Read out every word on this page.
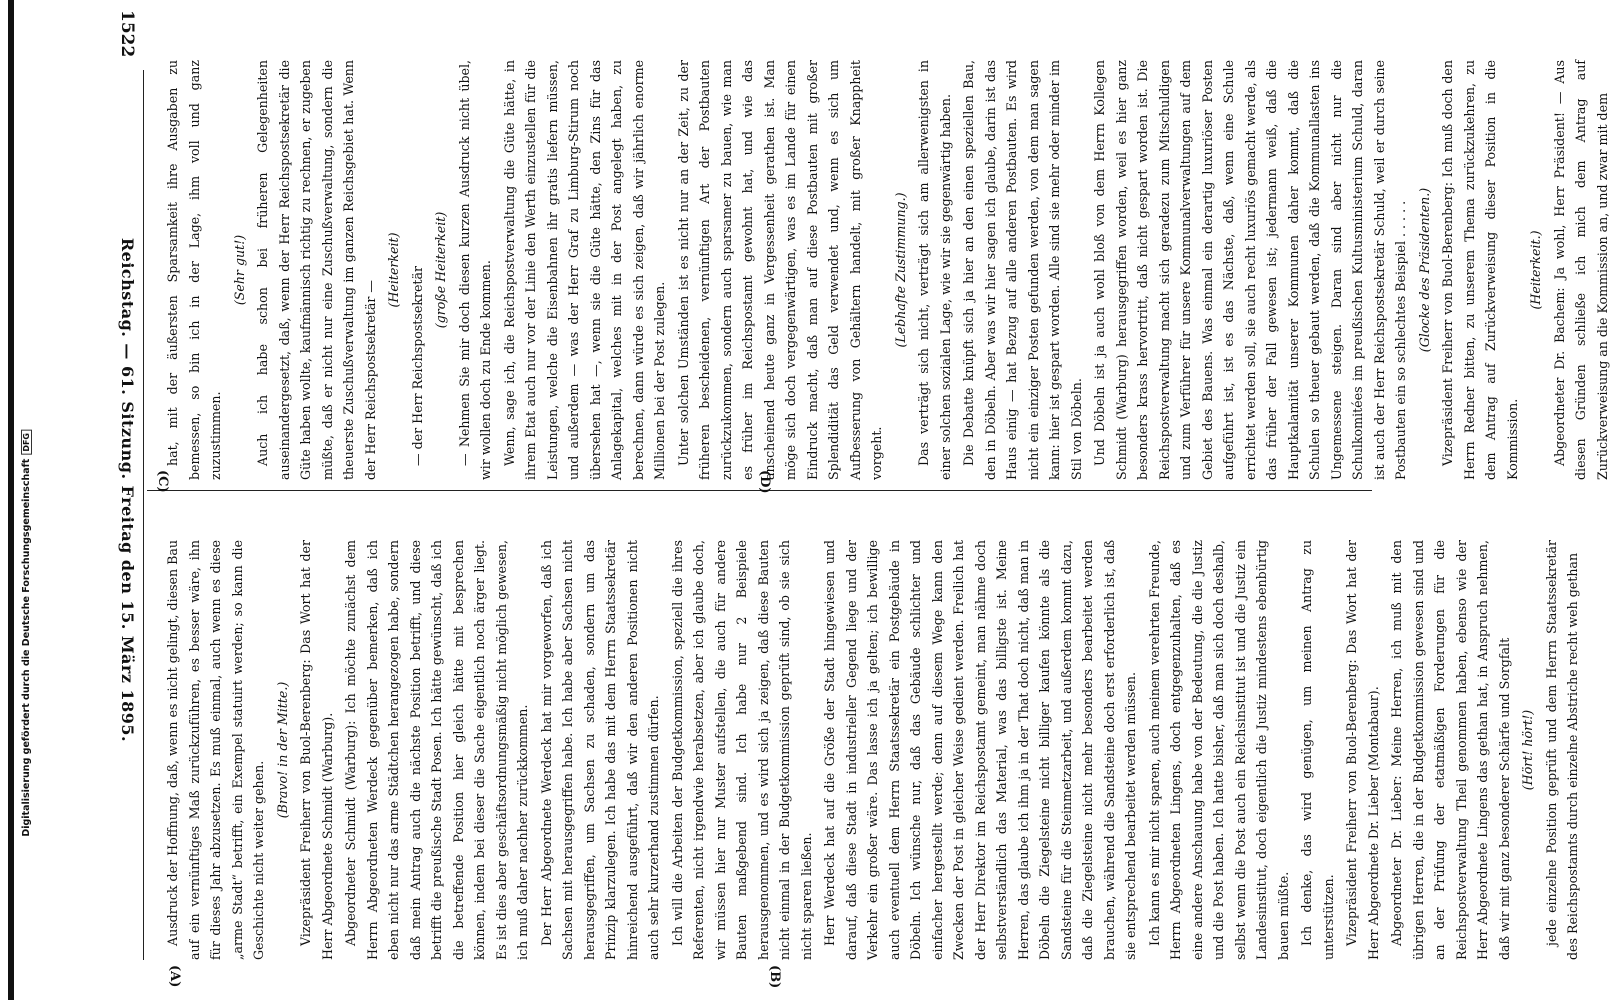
1522
Reichstag. — 61. Sitzung. Freitag den 15. März 1895.
(A)	(B)
(C)	(D)

hat, mit der äußersten Sparsamkeit ihre Ausgaben zu bemessen, so bin ich in der Lage, ihm voll und ganz zuzustimmen.

(Sehr gut!) Auch ich habe schon bei früheren Gelegenheiten auseinandergesetzt, daß, wenn der Herr Reichspostsekretär die Güte haben wollte, kaufmännisch richtig zu rechnen, er zugeben müßte, daß er nicht nur eine Zuschußverwaltung, sondern die theuerste Zuschußverwaltung im ganzen Reichsgebiet hat. Wenn der Herr Reichspostsekretär —

(Heiterkeit) — der Herr Reichspostsekretär (große Heiterkeit) — Nehmen Sie mir doch diesen kurzen Ausdruck nicht übel, wir wollen doch zu Ende kommen. Wenn, sage ich, die Reichspostverwaltung die Güte hätte, in ihrem Etat auch nur vor der Linie den Werth einzustellen für die Leistungen, welche die Eisenbahnen ihr gratis liefern müssen, und außerdem — was der Herr Graf zu Limburg-Stirum noch übersehen hat —, wenn sie die Güte hätte, den Zins für das Anlagekapital, welches mit in der Post angelegt haben, zu berechnen, dann würde es sich zeigen, daß wir jährlich enorme Millionen bei der Post zulegen. Unter solchen Umständen ist es nicht nur an der Zeit, zu der früheren bescheidenen, vernünftigen Art der Postbauten zurückzukommen, sondern auch sparsamer zu bauen, wie man es früher im Reichspostamt gewohnt hat, und wie das anscheinend heute ganz in Vergessenheit gerathen ist. Man möge sich doch vergegenwärtigen, was es im Lande für einen Eindruck macht, daß man auf diese Postbauten mit großer Splendidität das Geld verwendet und, wenn es sich um Aufbesserung von Gehältern handelt, mit großer Knappheit vorgeht.

(Lebhafte Zustimmung.) Das verträgt sich nicht, verträgt sich am allerwenigsten in einer solchen sozialen Lage, wie wir sie gegenwärtig haben. Die Debatte knüpft sich ja hier an den einen speziellen Bau, den in Döbeln. Aber was wir hier sagen ich glaube, darin ist das Haus einig — hat Bezug auf alle anderen Postbauten. Es wird nicht ein einziger Posten gefunden werden, von dem man sagen kann: hier ist gespart worden. Alle sind sie mehr oder minder im Stil von Döbeln. Und Döbeln ist ja auch wohl bloß von dem Herrn Kollegen Schmidt (Warburg) herausgegriffen worden, weil es hier ganz besonders krass hervortritt, daß nicht gespart worden ist. Die Reichspostverwaltung macht sich geradezu zum Mitschuldigen und zum Verführer für unsere Kommunalverwaltungen auf dem Gebiet des Bauens. Was einmal ein derartig luxuriöser Posten aufgeführt ist, ist es das Nächste, daß, wenn eine Schule errichtet werden soll, sie auch recht luxuriös gemacht werde, als das früher der Fall gewesen ist; jedermann weiß, daß die Hauptkalamität unserer Kommunen daher kommt, daß die Schulen so theuer gebaut werden, daß die Kommunallasten ins Ungemessene steigen. Daran sind aber nicht nur die Schulkomitées im preußischen Kultusministerium Schuld, daran ist auch der Herr Reichspostsekretär Schuld, weil er durch seine Postbauten ein so schlechtes Beispiel . . . . . (Glocke des Präsidenten.) Vizepräsident Freiherr von Buol-Berenberg: Ich muß doch den Herrn Redner bitten, zu unserem Thema zurückzukehren, zu dem Antrag auf Zurückverweisung dieser Position in die Kommission.

(Heiterkeit.) Abgeordneter Dr. Bachem: Ja wohl, Herr Präsident! — Aus diesen Gründen schließe ich mich dem Antrag auf Zurückverweisung an die Kommission an, und zwar mit dem

Ausdruck der Hoffnung, daß, wenn es nicht gelingt, diesen Bau auf ein vernünftiges Maß zurückzuführen, es besser wäre, ihn für dieses Jahr abzusetzen. Es muß einmal, auch wenn es diese „arme Stadt“ betrifft, ein Exempel statuirt werden; so kann die Geschichte nicht weiter gehen.

(Bravo! in der Mitte.) Vizepräsident Freiherr von Buol-Berenberg: Das Wort hat der Herr Abgeordnete Schmidt (Warburg). Abgeordneter Schmidt (Warburg): Ich möchte zunächst dem Herrn Abgeordneten Werdeck gegenüber bemerken, daß ich eben nicht nur das arme Städtchen herangezogen habe, sondern daß mein Antrag auch die nächste Position betrifft, und diese betrifft die preußische Stadt Posen. Ich hätte gewünscht, daß ich die betreffende Position hier gleich hätte mit besprechen können, indem bei dieser die Sache eigentlich noch ärger liegt. Es ist dies aber geschäftsordnungsmäßig nicht möglich gewesen, ich muß daher nachher zurückkommen. Der Herr Abgeordnete Werdeck hat mir vorgeworfen, daß ich Sachsen mit herausgegriffen habe. Ich habe aber Sachsen nicht herausgegriffen, um Sachsen zu schaden, sondern um das Prinzip klarzulegen. Ich habe das mit dem Herrn Staatssekretär hinreichend ausgeführt, daß wir den anderen Positionen nicht auch sehr kurzerhand zustimmen dürfen. Ich will die Arbeiten der Budgetkommission, speziell die ihres Referenten, nicht irgendwie herabsetzen, aber ich glaube doch, wir müssen hier nur Muster aufstellen, die auch für andere Bauten maßgebend sind. Ich habe nur 2 Beispiele herausgenommen, und es wird sich ja zeigen, daß diese Bauten nicht einmal in der Budgetkommission geprüft sind, ob sie sich nicht sparen ließen. Herr Werdeck hat auf die Größe der Stadt hingewiesen und darauf, daß diese Stadt in industrieller Gegend liege und der Verkehr ein großer wäre. Das lasse ich ja gelten; ich bewillige auch eventuell dem Herrn Staatssekretär ein Postgebäude in Döbeln. Ich wünsche nur, daß das Gebäude schlichter und einfacher hergestellt werde; denn auf diesem Wege kann den Zwecken der Post in gleicher Weise gedient werden. Freilich hat der Herr Direktor im Reichspostamt gemeint, man nähme doch selbstverständlich das Material, was das billigste ist. Meine Herren, das glaube ich ihm ja in der That doch nicht, daß man in Döbeln die Ziegelsteine nicht billiger kaufen könnte als die Sandsteine für die Steinmetzarbeit, und außerdem kommt dazu, daß die Ziegelsteine nicht mehr besonders bearbeitet werden brauchen, während die Sandsteine doch erst erforderlich ist, daß sie entsprechend bearbeitet werden müssen. Ich kann es mir nicht sparen, auch meinem verehrten Freunde, Herrn Abgeordneten Lingens, doch entgegenzuhalten, daß es eine andere Anschauung habe von der Bedeutung, die die Justiz und die Post haben. Ich hatte bisher, daß man sich doch deshalb, selbst wenn die Post auch ein Reichsinstitut ist und die Justiz ein Landesinstitut, doch eigentlich die Justiz mindestens ebenbürtig bauen müßte. Ich denke, das wird genügen, um meinen Antrag zu unterstützen. Vizepräsident Freiherr von Buol-Berenberg: Das Wort hat der Herr Abgeordnete Dr. Lieber (Montabaur). Abgeordneter Dr. Lieber: Meine Herren, ich muß mit den übrigen Herren, die in der Budgetkommission gewesen sind und an der Prüfung der etatmäßigen Forderungen für die Reichspostverwaltung Theil genommen haben, ebenso wie der Herr Abgeordnete Lingens das gethan hat, in Anspruch nehmen, daß wir mit ganz besonderer Schärfe und Sorgfalt (Hört! hört!) jede einzelne Position geprüft und dem Herrn Staatssekretär des Reichspostamts durch einzelne Abstriche recht weh gethan

Digitalisierung gefördert durch die Deutsche ForschungsgemeinschaftDFG
